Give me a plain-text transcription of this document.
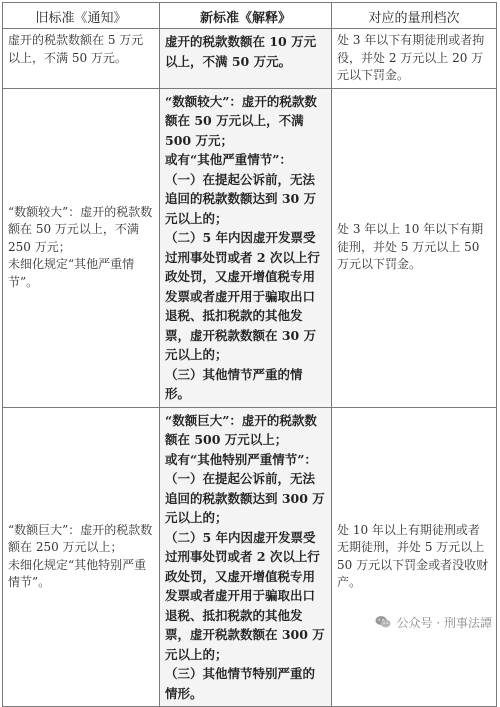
旧标准《通知》	新标准《解释》	对应的量刑档次

虚开的税款数额在 5 万元以上，不满 50 万元。	虚开的税款数额在 10 万元以上，不满 50 万元。	处 3 年以下有期徒刑或者拘役，并处 2 万元以上 20 万元以下罚金。

“数额较大”：虚开的税款数额在 50 万元以上，不满 250 万元；
未细化规定“其他严重情节”。	“数额较大”：虚开的税款数额在 50 万元以上，不满 500 万元；
或有“其他严重情节”：
（一）在提起公诉前，无法追回的税款数额达到 30 万元以上的；
（二）5 年内因虚开发票受过刑事处罚或者 2 次以上行政处罚，又虚开增值税专用发票或者虚开用于骗取出口退税、抵扣税款的其他发票，虚开税款数额在 30 万元以上的；
（三）其他情节严重的情形。	处 3 年以上 10 年以下有期徒刑，并处 5 万元以上 50 万元以下罚金。

“数额巨大”：虚开的税款数额在 250 万元以上；
未细化规定“其他特别严重情节”。	“数额巨大”：虚开的税款数额在 500 万元以上；
或有“其他特别严重情节”：
（一）在提起公诉前，无法追回的税款数额达到 300 万元以上的；
（二）5 年内因虚开发票受过刑事处罚或者 2 次以上行政处罚，又虚开增值税专用发票或者虚开用于骗取出口退税、抵扣税款的其他发票，虚开税款数额在 300 万元以上的；
（三）其他情节特别严重的情形。	处 10 年以上有期徒刑或者无期徒刑，并处 5 万元以上 50 万元以下罚金或者没收财产。
公众号 · 刑事法譚
